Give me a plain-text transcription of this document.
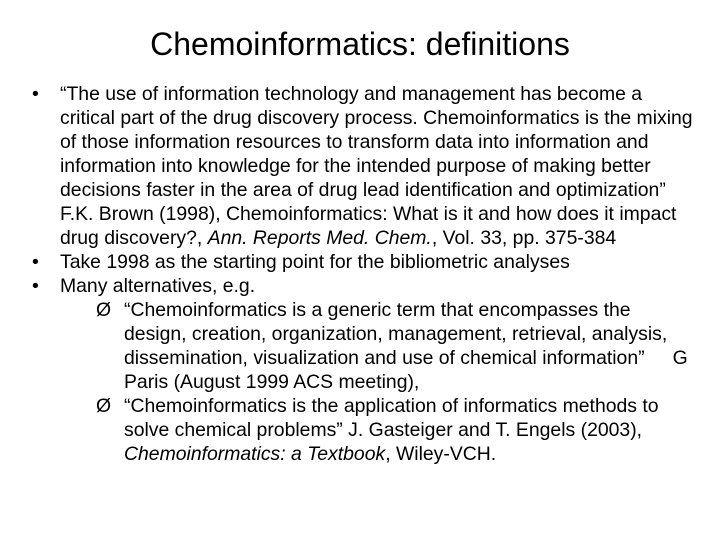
Chemoinformatics: definitions
•	“The use of information technology and management has become a critical part of the drug discovery process. Chemoinformatics is the mixing of those information resources to transform data into information and information into knowledge for the intended purpose of making better decisions faster in the area of drug lead identification and optimization” F.K. Brown (1998), Chemoinformatics: What is it and how does it impact drug discovery?, Ann. Reports Med. Chem., Vol. 33, pp. 375-384
•	Take 1998 as the starting point for the bibliometric analyses
•	Many alternatives, e.g.
Ø “Chemoinformatics is a generic term that encompasses the design, creation, organization, management, retrieval, analysis, dissemination, visualization and use of chemical information” G Paris (August 1999 ACS meeting),
Ø “Chemoinformatics is the application of informatics methods to solve chemical problems” J. Gasteiger and T. Engels (2003), Chemoinformatics: a Textbook, Wiley-VCH.
